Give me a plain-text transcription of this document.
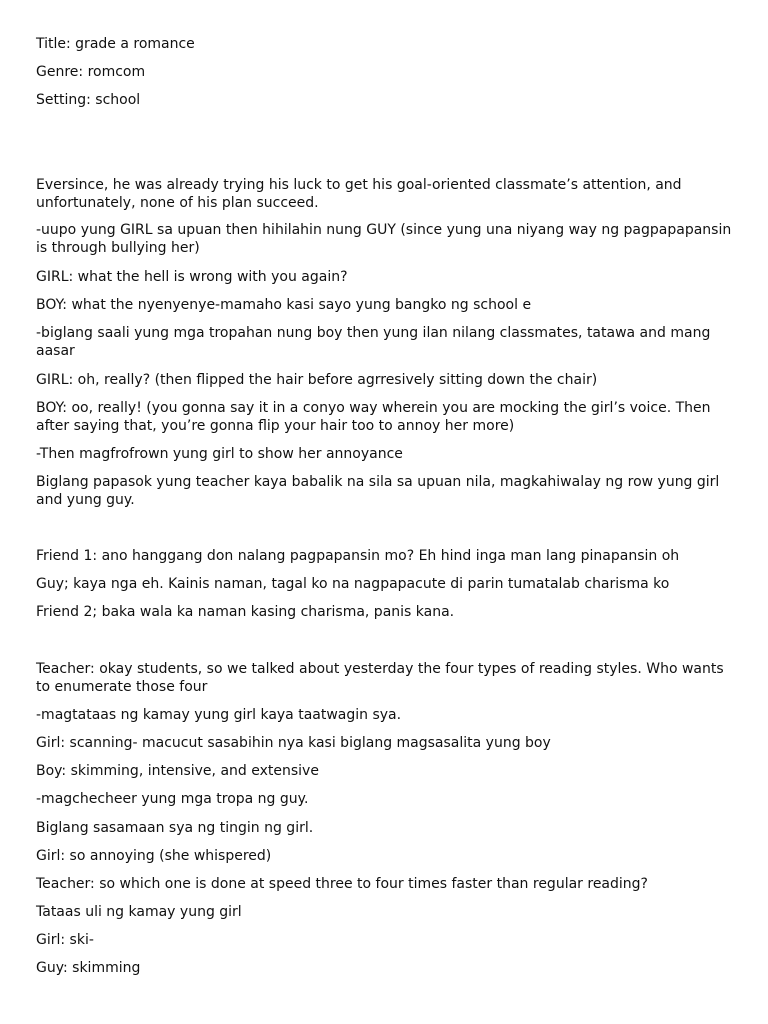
Title: grade a romance
Genre: romcom
Setting: school
Eversince, he was already trying his luck to get his goal-oriented classmate’s attention, and unfortunately, none of his plan succeed.
-uupo yung GIRL sa upuan then hihilahin nung GUY (since yung una niyang way ng pagpapapansin is through bullying her)
GIRL: what the hell is wrong with you again?
BOY: what the nyenyenye-mamaho kasi sayo yung bangko ng school e
-biglang saali yung mga tropahan nung boy then yung ilan nilang classmates, tatawa and mang aasar
GIRL: oh, really? (then flipped the hair before agrresively sitting down the chair)
BOY: oo, really! (you gonna say it in a conyo way wherein you are mocking the girl’s voice. Then after saying that, you’re gonna flip your hair too to annoy her more)
-Then magfrofrown yung girl to show her annoyance
Biglang papasok yung teacher kaya babalik na sila sa upuan nila, magkahiwalay ng row yung girl and yung guy.
Friend 1: ano hanggang don nalang pagpapansin mo? Eh hind inga man lang pinapansin oh
Guy; kaya nga eh. Kainis naman, tagal ko na nagpapacute di parin tumatalab charisma ko
Friend 2; baka wala ka naman kasing charisma, panis kana.
Teacher: okay students, so we talked about yesterday the four types of reading styles. Who wants to enumerate those four
-magtataas ng kamay yung girl kaya taatwagin sya.
Girl: scanning- macucut sasabihin nya kasi biglang magsasalita yung boy
Boy: skimming, intensive, and extensive
-magchecheer yung mga tropa ng guy.
Biglang sasamaan sya ng tingin ng girl.
Girl: so annoying (she whispered)
Teacher: so which one is done at speed three to four times faster than regular reading?
Tataas uli ng kamay yung girl
Girl: ski-
Guy: skimming
